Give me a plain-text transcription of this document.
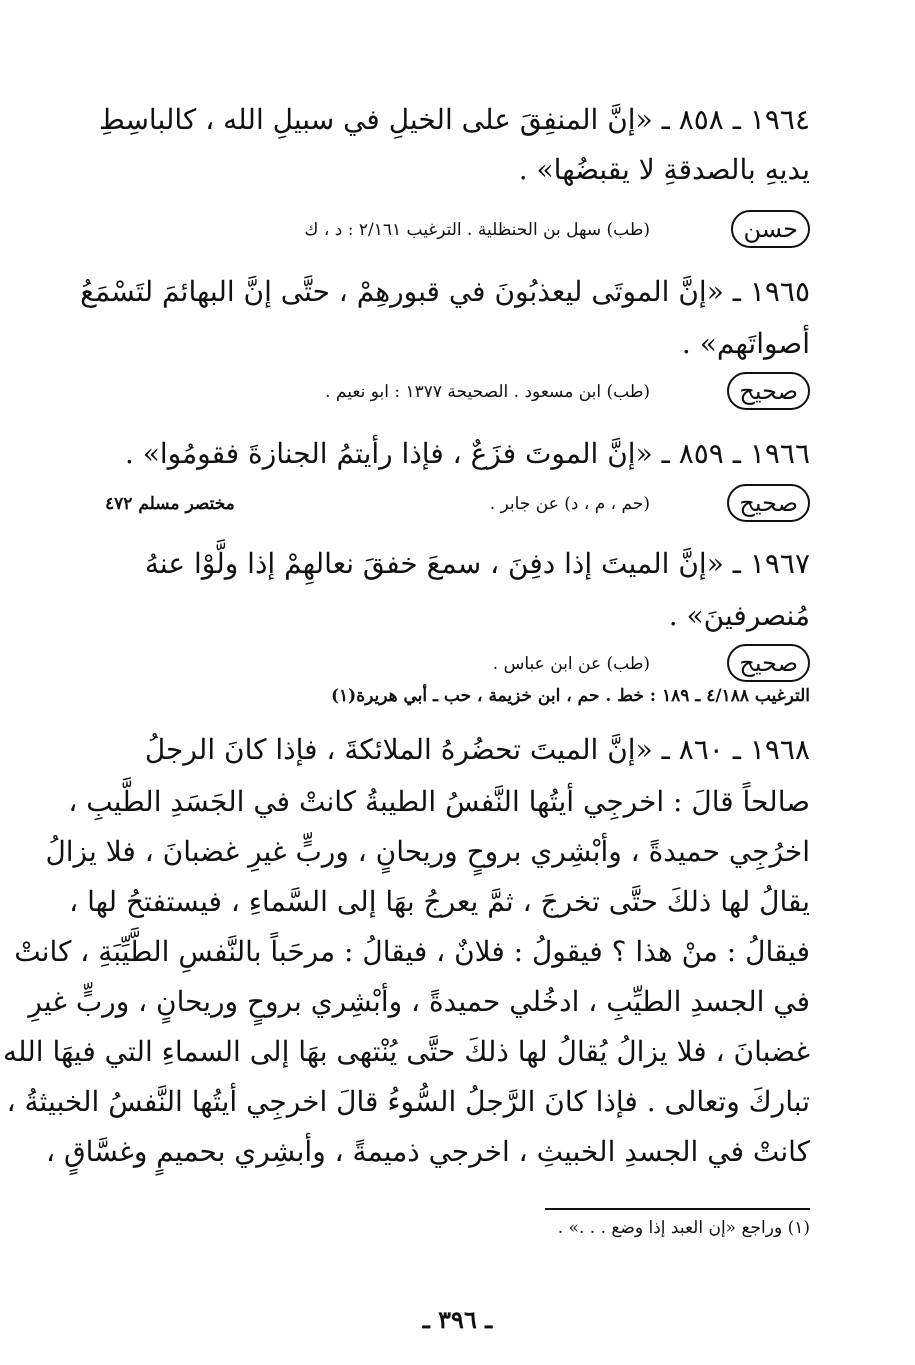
١٩٦٤ ـ ٨٥٨ ـ «إنَّ المنفِقَ على الخيلِ في سبيلِ الله ، كالباسِطِ
يديهِ بالصدقةِ لا يقبضُها» .
حسن
(طب) سهل بن الحنظلية . الترغيب ٢/١٦١ : د ، ك
١٩٦٥ ـ «إنَّ الموتَى ليعذبُونَ في قبورهِمْ ، حتَّى إنَّ البهائمَ لتَسْمَعُ
أصواتَهم» .
صحيح
(طب) ابن مسعود . الصحيحة ١٣٧٧ : ابو نعيم .
١٩٦٦ ـ ٨٥٩ ـ «إنَّ الموتَ فزَعٌ ، فإذا رأيتمُ الجنازةَ فقومُوا» .
صحيح
(حم ، م ، د) عن جابر .
مختصر مسلم ٤٧٢
١٩٦٧ ـ «إنَّ الميتَ إذا دفِنَ ، سمعَ خفقَ نعالهِمْ إذا ولَّوْا عنهُ
مُنصرفينَ» .
صحيح
(طب) عن ابن عباس .
الترغيب ٤/١٨٨ ـ ١٨٩ : خط . حم ، ابن خزيمة ، حب ـ أبي هريرة(١)
١٩٦٨ ـ ٨٦٠ ـ «إنَّ الميتَ تحضُرهُ الملائكةَ ، فإذا كانَ الرجلُ
صالحاً قالَ : اخرجِي أيتُها النَّفسُ الطيبةُ كانتْ في الجَسَدِ الطَّيبِ ،
اخرُجِي حميدةً ، وأبْشِري بروحٍ وريحانٍ ، وربٍّ غيرِ غضبانَ ، فلا يزالُ
يقالُ لها ذلكَ حتَّى تخرجَ ، ثمَّ يعرجُ بهَا إلى السَّماءِ ، فيستفتحُ لها ،
فيقالُ : منْ هذا ؟ فيقولُ : فلانٌ ، فيقالُ : مرحَباً بالنَّفسِ الطَّيِّبَةِ ، كانتْ
في الجسدِ الطيِّبِ ، ادخُلي حميدةً ، وأبْشِري بروحٍ وريحانٍ ، وربٍّ غيرِ
غضبانَ ، فلا يزالُ يُقالُ لها ذلكَ حتَّى يُنْتهى بهَا إلى السماءِ التي فيهَا الله
تباركَ وتعالى . فإذا كانَ الرَّجلُ السُّوءُ قالَ اخرجِي أيتُها النَّفسُ الخبيثةُ ،
كانتْ في الجسدِ الخبيثِ ، اخرجي ذميمةً ، وأبشِري بحميمٍ وغسَّاقٍ ،
(١) وراجع «إن العبد إذا وضع . . .» .
ـ ٣٩٦ ـ
